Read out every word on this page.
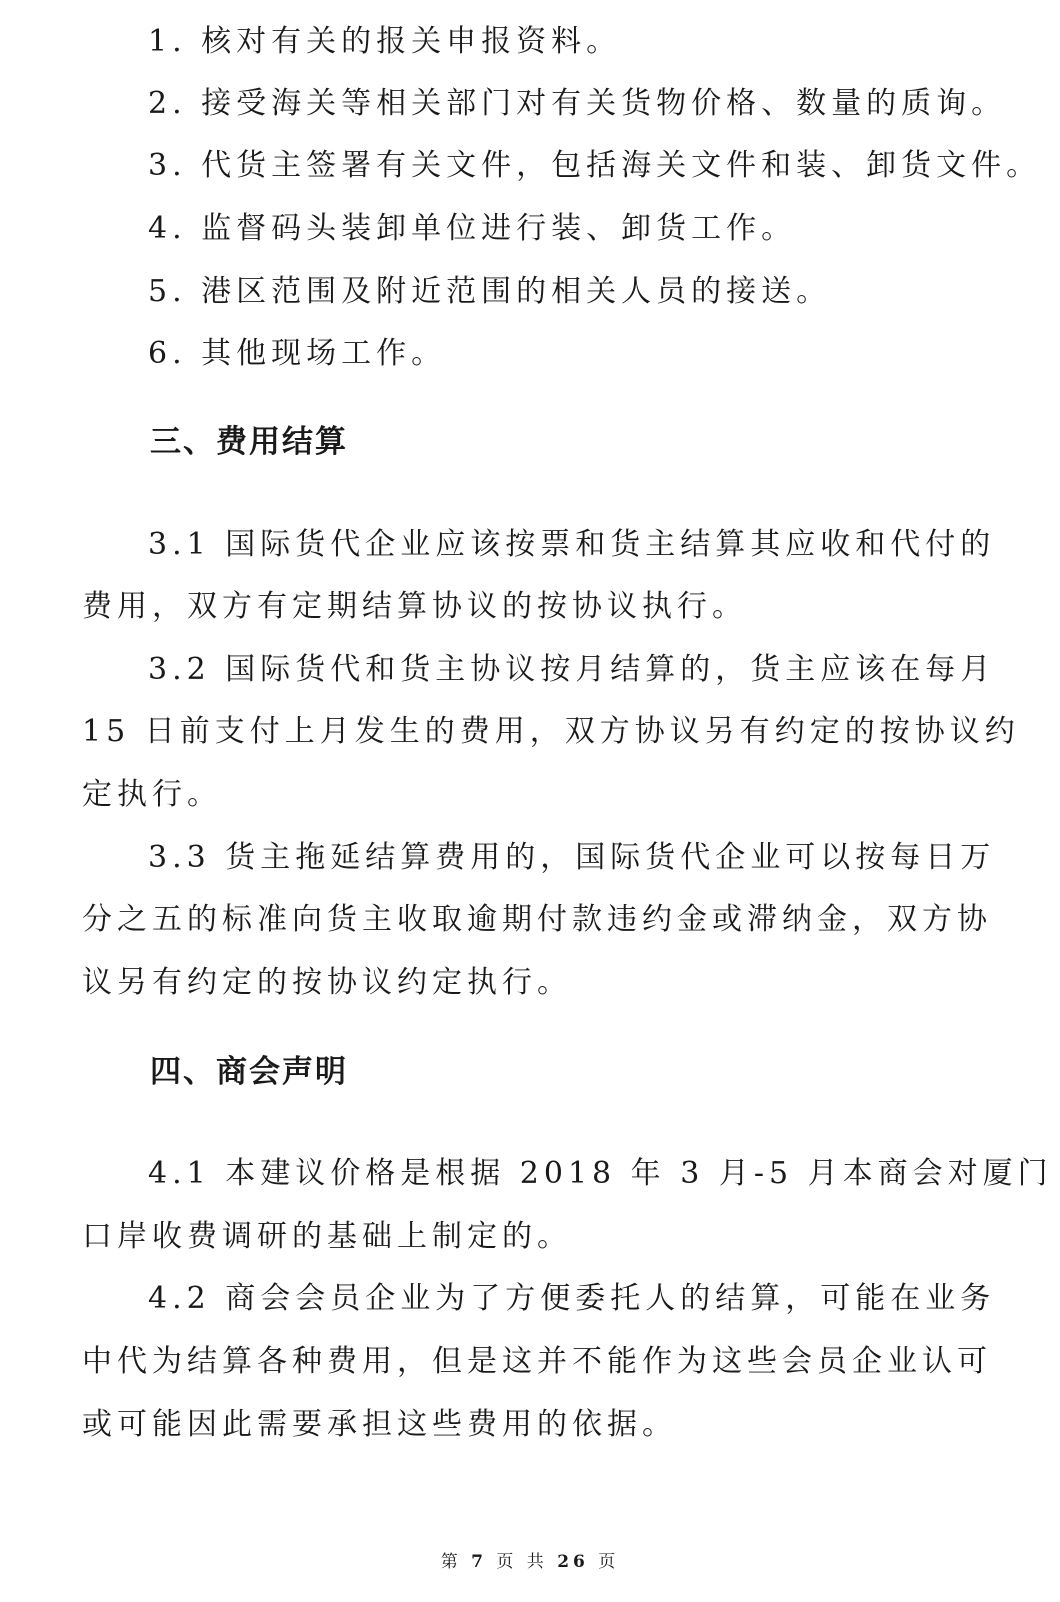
1. 核对有关的报关申报资料。
2. 接受海关等相关部门对有关货物价格、数量的质询。
3. 代货主签署有关文件，包括海关文件和装、卸货文件。
4. 监督码头装卸单位进行装、卸货工作。
5. 港区范围及附近范围的相关人员的接送。
6. 其他现场工作。
三、费用结算
3.1 国际货代企业应该按票和货主结算其应收和代付的
费用，双方有定期结算协议的按协议执行。
3.2 国际货代和货主协议按月结算的，货主应该在每月
15 日前支付上月发生的费用，双方协议另有约定的按协议约
定执行。
3.3 货主拖延结算费用的，国际货代企业可以按每日万
分之五的标准向货主收取逾期付款违约金或滞纳金，双方协
议另有约定的按协议约定执行。
四、商会声明
4.1 本建议价格是根据 2018 年 3 月-5 月本商会对厦门
口岸收费调研的基础上制定的。
4.2 商会会员企业为了方便委托人的结算，可能在业务
中代为结算各种费用，但是这并不能作为这些会员企业认可
或可能因此需要承担这些费用的依据。
第 7 页 共 26 页
